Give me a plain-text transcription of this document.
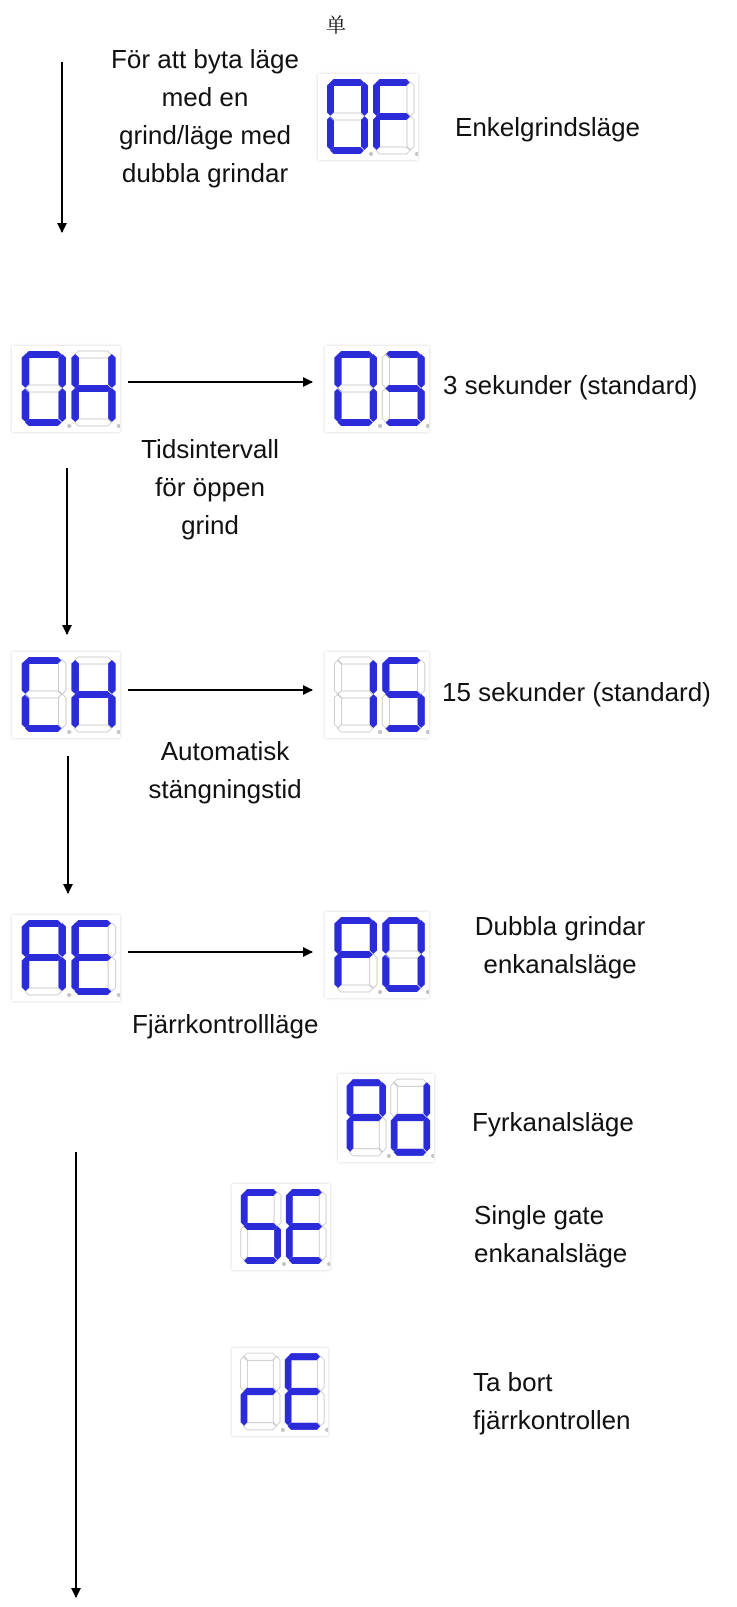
单
För att byta läge
med en
grind/läge med
dubbla grindar
Enkelgrindsläge
3 sekunder (standard)
Tidsintervall
för öppen
grind
15 sekunder (standard)
Automatisk
stängningstid
Dubbla grindar
enkanalsläge
Fjärrkontrollläge
Fyrkanalsläge
Single gate
enkanalsläge
Ta bort
fjärrkontrollen
